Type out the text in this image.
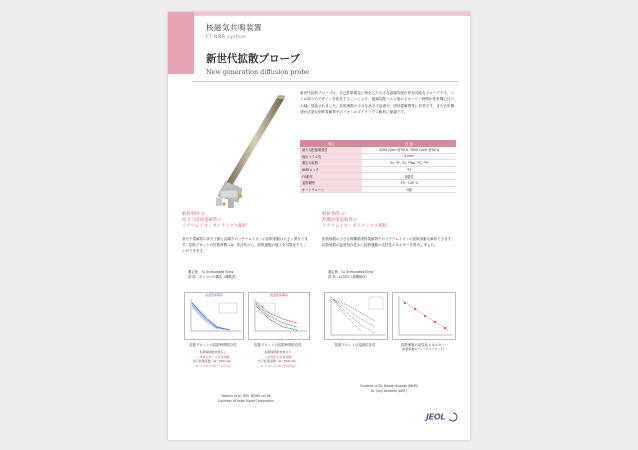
核磁気共鳴装置
FT NMR system
新世代拡散プローブ
New generation diffusion probe
新世代拡散プローブは、自己拡散測定に特化した大きな磁場勾配が印加可能なプローブです。コイル周りのデザインを改良することにより、磁場勾配パルス後のリカバリー時間が従来機に比べ大幅に短縮されました。拡散係数の小さな高分子溶液や、固体電解質等に有効です。また近年開発が活発な固体電解質中のイオンのダイナミクス解析に最適です。
項目	仕 様
最大勾配磁場強度	1200 G/cm @30 A, 2000 G/cm @50 A
検出コイル長	5 mm
測定可能核	¹H, ¹⁹F, ⁷Li, ²³Na, ¹³C, ³¹P
NMRロック	²H
FG動作	非磁性
温度範囲	-70～120 ℃
オートチューン	可能
解析事例 ①
高分子固体電解質の
リチウムイオンダイナミクス解析
高分子電解質の高分子鎖と溶媒中のリチウムイオンの拡散挙動は大きく異なります。拡散プロットの拡散時間（Δ）依存性から、拡散運動の様子を可視化することができます。
測定核：⁷Li Stimulated Echo
試 料：ポリマーの構造（概略図）
高温低電解質	低温低電解質
拡散プロットの拡散時間依存性	拡散プロットの拡散時間依存性
拡散時間依存性なし
→ 単純な均一な拡散運動
自己拡散係数（Δ＝500 ms）
D = 2.8 × 10⁻¹² [m²/s]
拡散時間依存性あり
→ 制限的な拡散運動
自己拡散係数（Δ＝500 ms）
D = 2.4 × 10⁻¹³ [m²/s]
Yoshino et al. JEOL NEWS vol.56
Courtesy of Asahi Kasei Corporation
解析事例 ②
無機固体電解質の
リチウムイオンダイナミクス解析
拡散係数の小さな無機系固体電解質中のリチウムイオンの拡散挙動も解析できます。拡散係数の温度依存性から拡散運動の活性化エネルギーを算出しました。
測定核：⁷Li Stimulated Echo
試 料：LLTZO（無機固体）
拡散プロットの温度依存性	拡散係数の活性化エネルギー
(拡散係数のアレニウスプロット)
Courtesy of Dr. Naoaki Kuwata (NIMS)
Dr. Junji Akimoto (AIST)
JEOL
